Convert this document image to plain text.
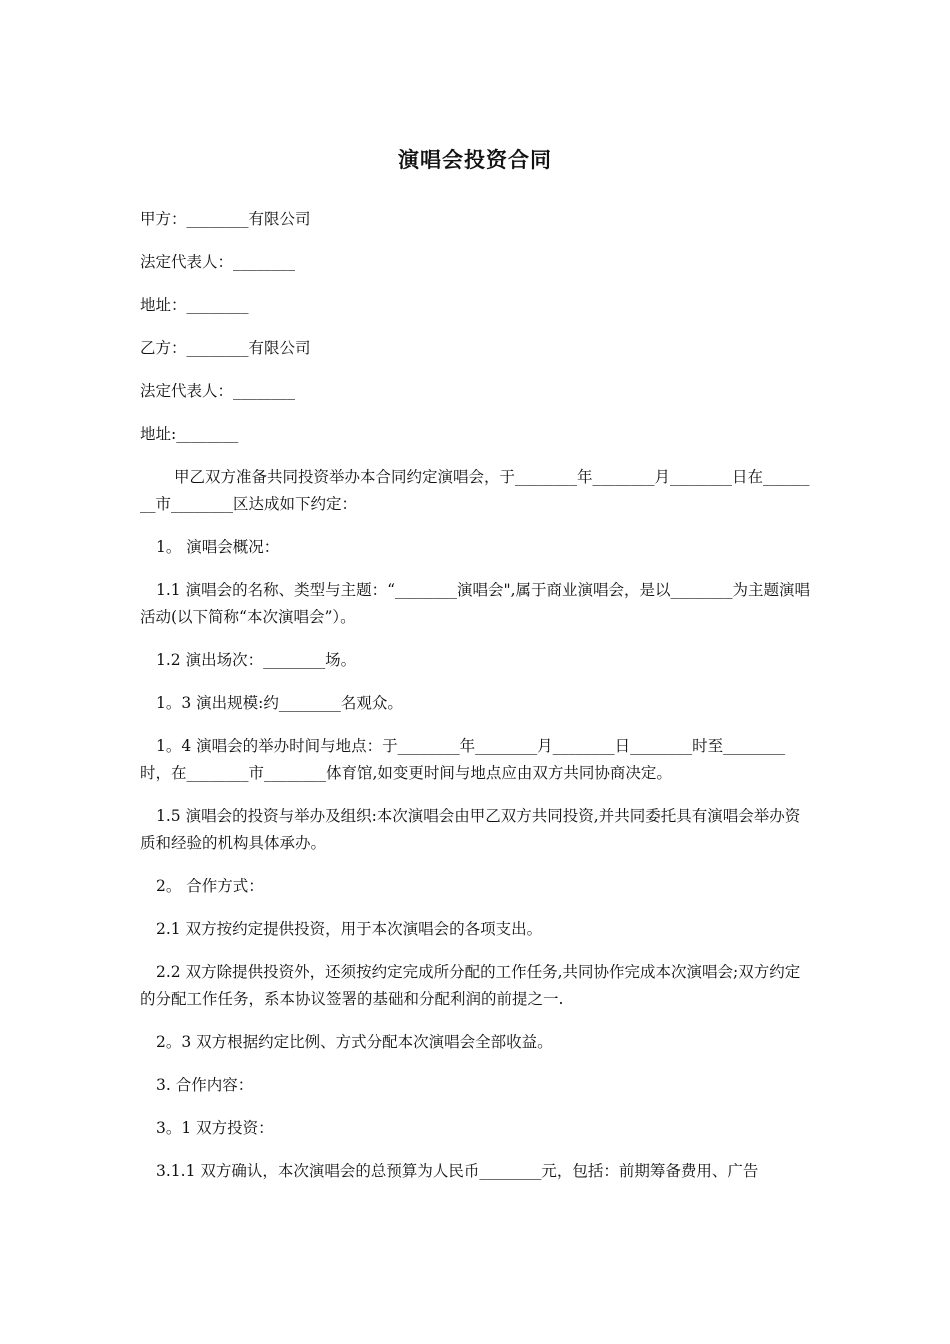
演唱会投资合同

甲方：________有限公司

法定代表人：________

地址：________

乙方：________有限公司

法定代表人：________

地址:________

甲乙双方准备共同投资举办本合同约定演唱会，于________年________月________日在________市________区达成如下约定：

1。 演唱会概况：

1.1 演唱会的名称、类型与主题：“________演唱会",属于商业演唱会，是以________为主题演唱活动(以下简称“本次演唱会”）。

1.2 演出场次：________场。

1。3 演出规模:约________名观众。

1。4 演唱会的举办时间与地点：于________年________月________日________时至________时，在________市________体育馆,如变更时间与地点应由双方共同协商决定。

1.5 演唱会的投资与举办及组织:本次演唱会由甲乙双方共同投资,并共同委托具有演唱会举办资质和经验的机构具体承办。

2。 合作方式：

2.1 双方按约定提供投资，用于本次演唱会的各项支出。

2.2 双方除提供投资外，还须按约定完成所分配的工作任务,共同协作完成本次演唱会;双方约定的分配工作任务，系本协议签署的基础和分配利润的前提之一.

2。3 双方根据约定比例、方式分配本次演唱会全部收益。

3. 合作内容：

3。1 双方投资：

3.1.1 双方确认，本次演唱会的总预算为人民币________元，包括：前期筹备费用、广告
